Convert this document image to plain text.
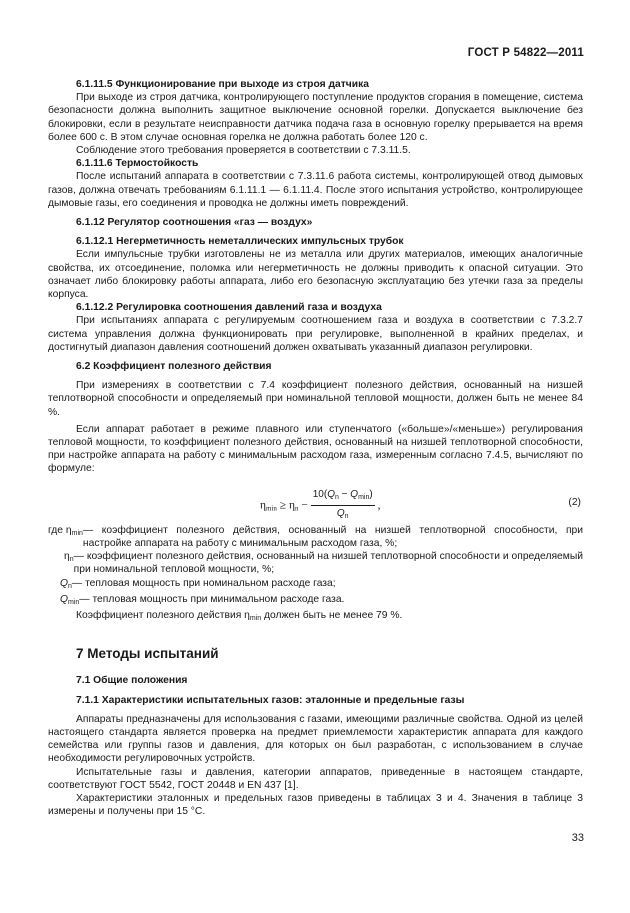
ГОСТ Р 54822—2011

6.1.11.5 Функционирование при выходе из строя датчика

При выходе из строя датчика, контролирующего поступление продуктов сгорания в помещение, система безопасности должна выполнить защитное выключение основной горелки. Допускается выключение без блокировки, если в результате неисправности датчика подача газа в основную горелку прерывается на время более 600 с. В этом случае основная горелка не должна работать более 120 с.

Соблюдение этого требования проверяется в соответствии с 7.3.11.5.

6.1.11.6 Термостойкость

После испытаний аппарата в соответствии с 7.3.11.6 работа системы, контролирующей отвод дымовых газов, должна отвечать требованиям 6.1.11.1 — 6.1.11.4. После этого испытания устройство, контролирующее дымовые газы, его соединения и проводка не должны иметь повреждений.

6.1.12 Регулятор соотношения «газ — воздух»

6.1.12.1 Негерметичность неметаллических импульсных трубок

Если импульсные трубки изготовлены не из металла или других материалов, имеющих аналогичные свойства, их отсоединение, поломка или негерметичность не должны приводить к опасной ситуации. Это означает либо блокировку работы аппарата, либо его безопасную эксплуатацию без утечки газа за пределы корпуса.

6.1.12.2 Регулировка соотношения давлений газа и воздуха

При испытаниях аппарата с регулируемым соотношением газа и воздуха в соответствии с 7.3.2.7 система управления должна функционировать при регулировке, выполненной в крайних пределах, и достигнутый диапазон давления соотношений должен охватывать указанный диапазон регулировки.

6.2 Коэффициент полезного действия

При измерениях в соответствии с 7.4 коэффициент полезного действия, основанный на низшей теплотворной способности и определяемый при номинальной тепловой мощности, должен быть не менее 84 %.

Если аппарат работает в режиме плавного или ступенчатого («больше»/«меньше») регулирования тепловой мощности, то коэффициент полезного действия, основанный на низшей теплотворной способности, при настройке аппарата на работу с минимальным расходом газа, измеренным согласно 7.4.5, вычисляют по формуле:

$\eta_{min} \ge \eta_n - \frac{10(Q_n - Q_{min})}{Q_n}$ ,	(2)
где $\eta_{min}$ — коэффициент полезного действия, основанный на низшей теплотворной способности, при настройке аппарата на работу с минимальным расходом газа, %;
$\eta_n$ — коэффициент полезного действия, основанный на низшей теплотворной способности и определяемый при номинальной тепловой мощности, %;
$Q_n$ — тепловая мощность при номинальном расходе газа;
$Q_{min}$ — тепловая мощность при минимальном расходе газа.

Коэффициент полезного действия $\eta_{min}$ должен быть не менее 79 %.

7 Методы испытаний

7.1 Общие положения

7.1.1 Характеристики испытательных газов: эталонные и предельные газы

Аппараты предназначены для использования с газами, имеющими различные свойства. Одной из целей настоящего стандарта является проверка на предмет приемлемости характеристик аппарата для каждого семейства или группы газов и давления, для которых он был разработан, с использованием в случае необходимости регулировочных устройств.

Испытательные газы и давления, категории аппаратов, приведенные в настоящем стандарте, соответствуют ГОСТ 5542, ГОСТ 20448 и EN 437 [1].

Характеристики эталонных и предельных газов приведены в таблицах 3 и 4. Значения в таблице 3 измерены и получены при 15 °C.

33
